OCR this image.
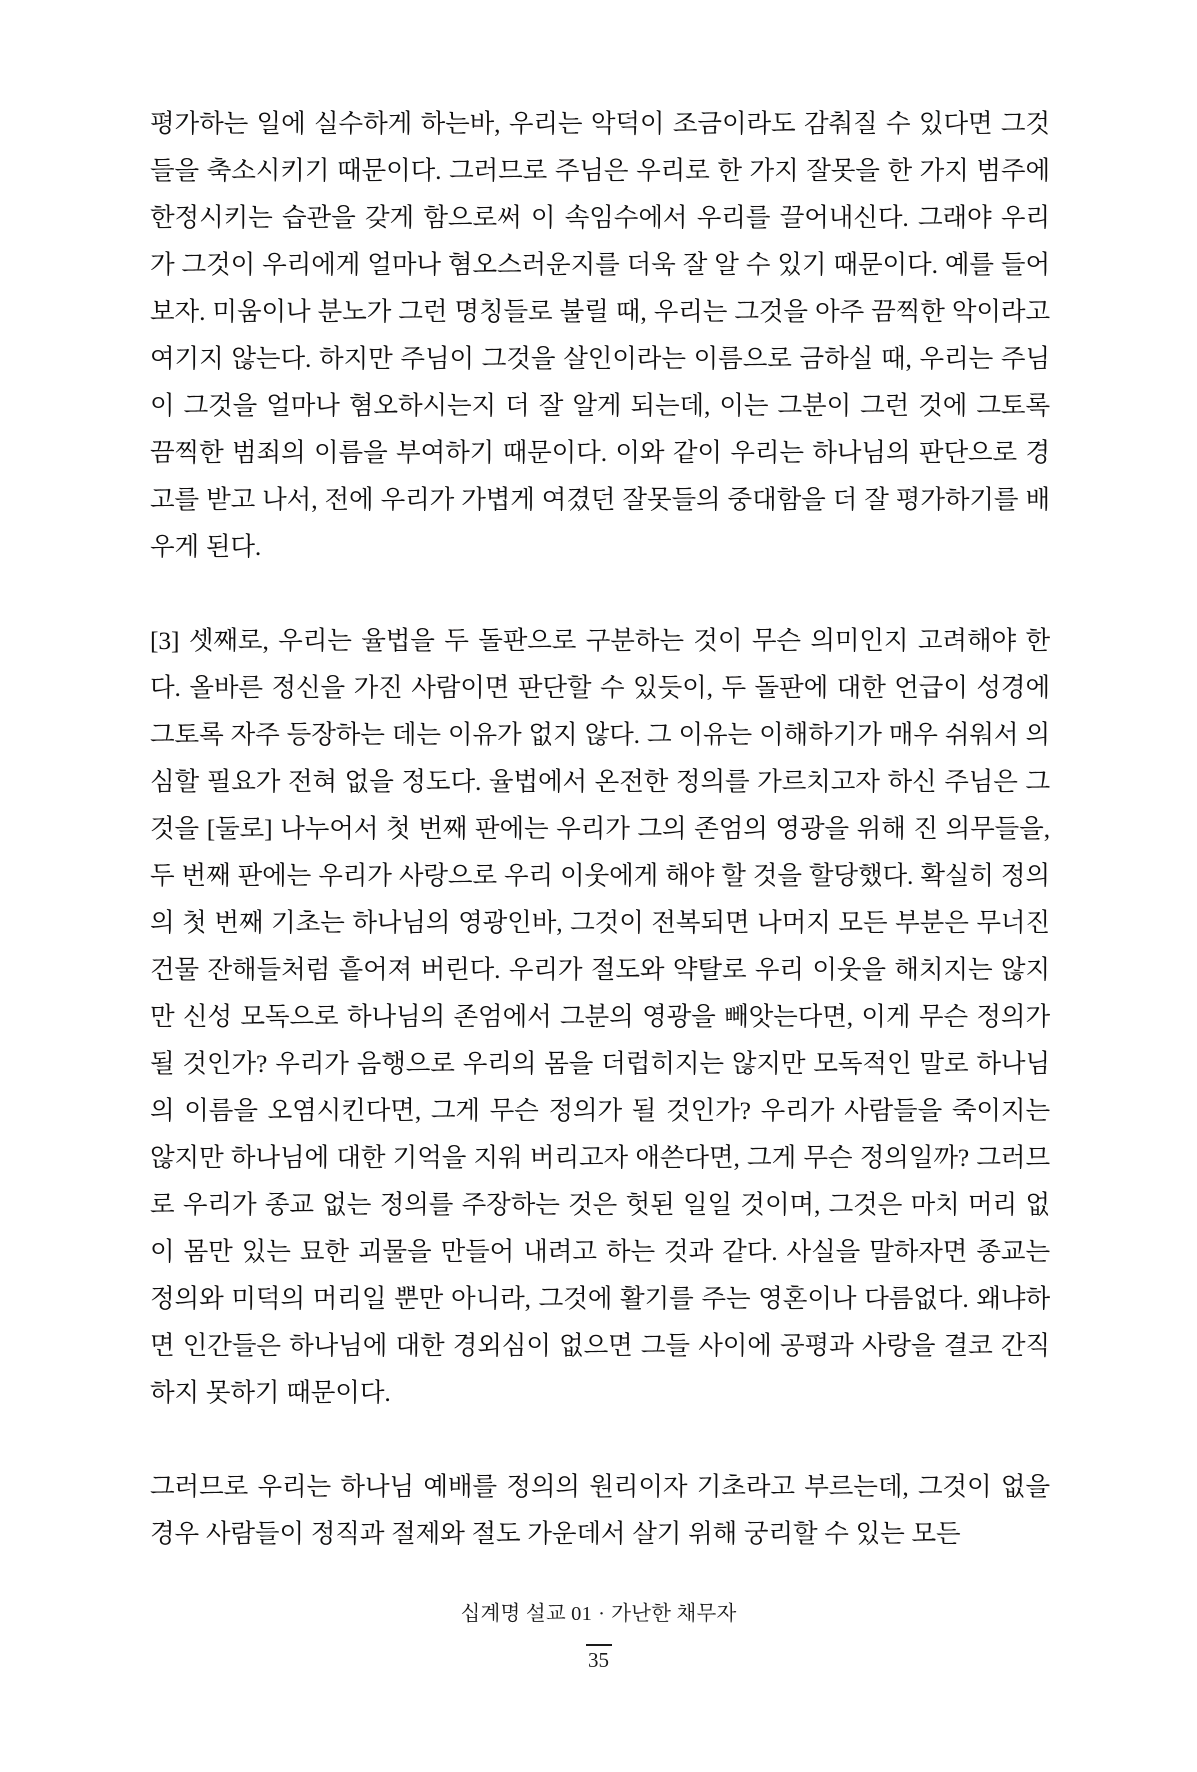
평가하는 일에 실수하게 하는바, 우리는 악덕이 조금이라도 감춰질 수 있다면 그것들을 축소시키기 때문이다. 그러므로 주님은 우리로 한 가지 잘못을 한 가지 범주에 한정시키는 습관을 갖게 함으로써 이 속임수에서 우리를 끌어내신다. 그래야 우리가 그것이 우리에게 얼마나 혐오스러운지를 더욱 잘 알 수 있기 때문이다. 예를 들어 보자. 미움이나 분노가 그런 명칭들로 불릴 때, 우리는 그것을 아주 끔찍한 악이라고 여기지 않는다. 하지만 주님이 그것을 살인이라는 이름으로 금하실 때, 우리는 주님이 그것을 얼마나 혐오하시는지 더 잘 알게 되는데, 이는 그분이 그런 것에 그토록 끔찍한 범죄의 이름을 부여하기 때문이다. 이와 같이 우리는 하나님의 판단으로 경고를 받고 나서, 전에 우리가 가볍게 여겼던 잘못들의 중대함을 더 잘 평가하기를 배우게 된다.

[3] 셋째로, 우리는 율법을 두 돌판으로 구분하는 것이 무슨 의미인지 고려해야 한다. 올바른 정신을 가진 사람이면 판단할 수 있듯이, 두 돌판에 대한 언급이 성경에 그토록 자주 등장하는 데는 이유가 없지 않다. 그 이유는 이해하기가 매우 쉬워서 의심할 필요가 전혀 없을 정도다. 율법에서 온전한 정의를 가르치고자 하신 주님은 그것을 [둘로] 나누어서 첫 번째 판에는 우리가 그의 존엄의 영광을 위해 진 의무들을, 두 번째 판에는 우리가 사랑으로 우리 이웃에게 해야 할 것을 할당했다. 확실히 정의의 첫 번째 기초는 하나님의 영광인바, 그것이 전복되면 나머지 모든 부분은 무너진 건물 잔해들처럼 흩어져 버린다. 우리가 절도와 약탈로 우리 이웃을 해치지는 않지만 신성 모독으로 하나님의 존엄에서 그분의 영광을 빼앗는다면, 이게 무슨 정의가 될 것인가? 우리가 음행으로 우리의 몸을 더럽히지는 않지만 모독적인 말로 하나님의 이름을 오염시킨다면, 그게 무슨 정의가 될 것인가? 우리가 사람들을 죽이지는 않지만 하나님에 대한 기억을 지워 버리고자 애쓴다면, 그게 무슨 정의일까? 그러므로 우리가 종교 없는 정의를 주장하는 것은 헛된 일일 것이며, 그것은 마치 머리 없이 몸만 있는 묘한 괴물을 만들어 내려고 하는 것과 같다. 사실을 말하자면 종교는 정의와 미덕의 머리일 뿐만 아니라, 그것에 활기를 주는 영혼이나 다름없다. 왜냐하면 인간들은 하나님에 대한 경외심이 없으면 그들 사이에 공평과 사랑을 결코 간직하지 못하기 때문이다.

그러므로 우리는 하나님 예배를 정의의 원리이자 기초라고 부르는데, 그것이 없을 경우 사람들이 정직과 절제와 절도 가운데서 살기 위해 궁리할 수 있는 모든

십계명 설교 01 · 가난한 채무자
35
